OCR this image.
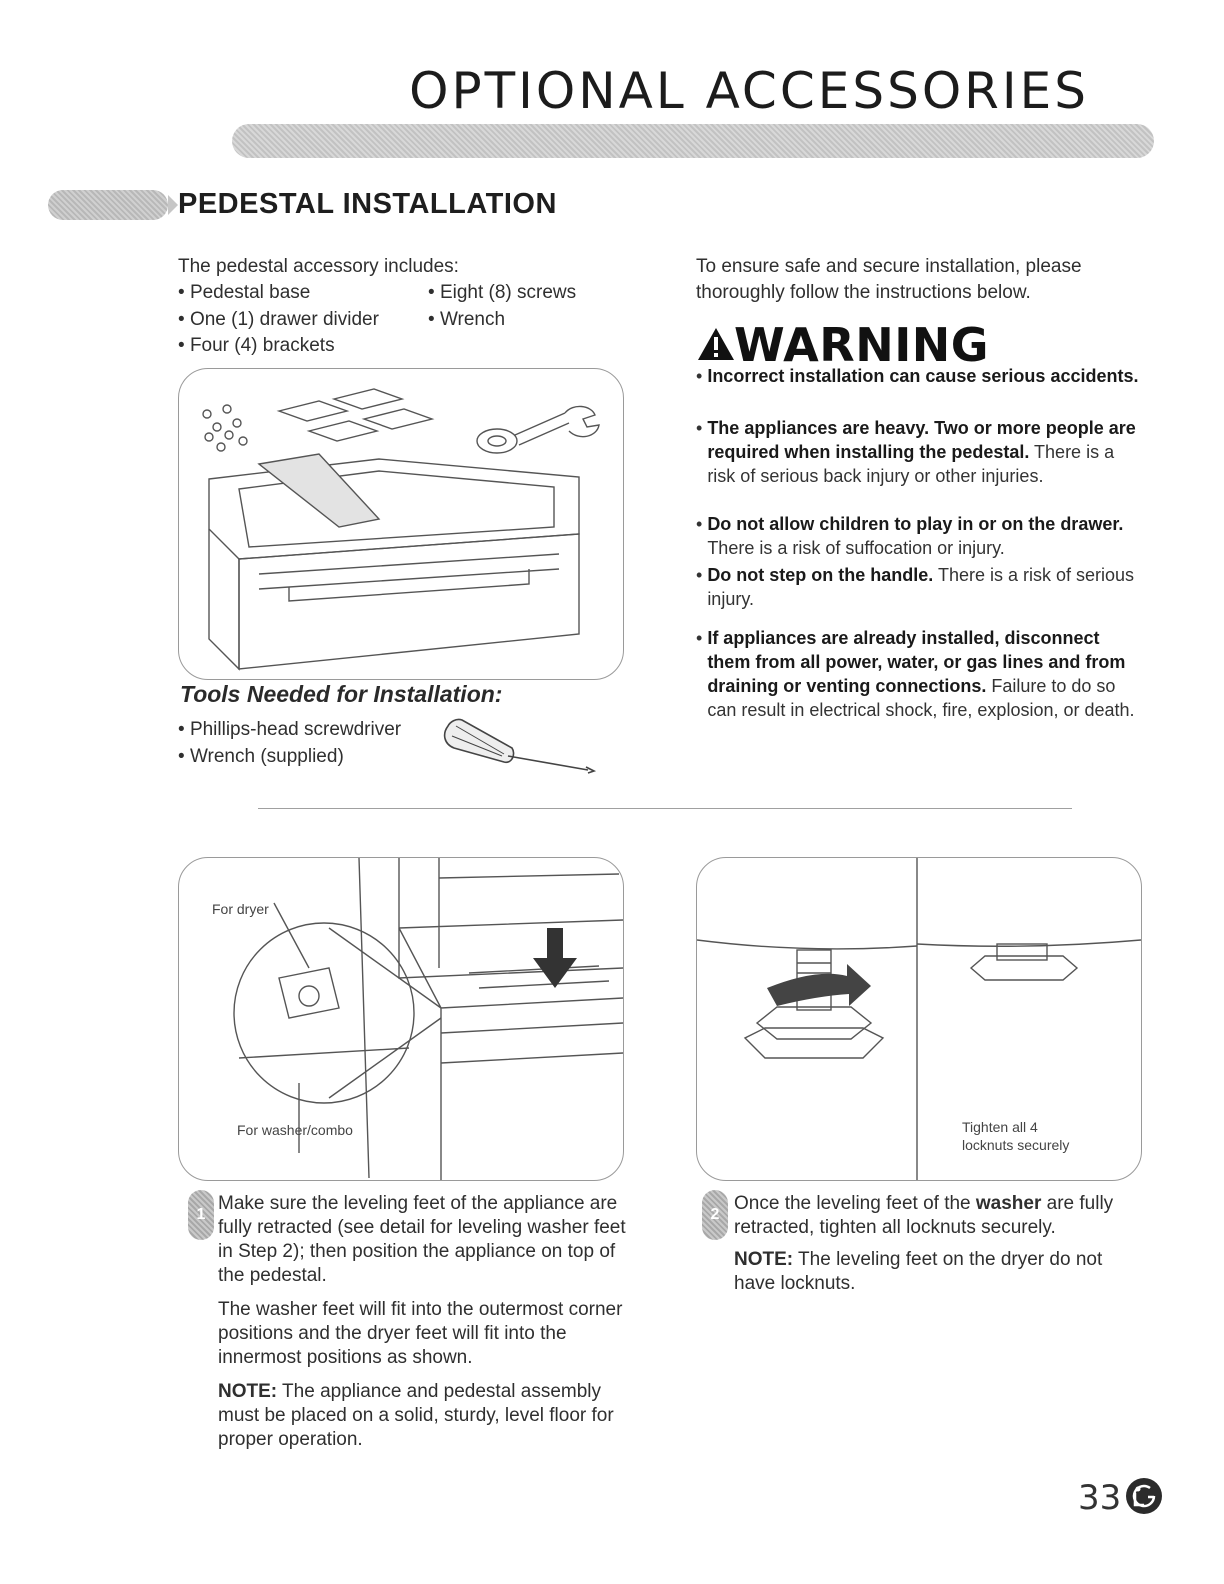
OPTIONAL ACCESSORIES
PEDESTAL INSTALLATION
The pedestal accessory includes:
• Pedestal base
• One (1) drawer divider
• Four (4) brackets
• Eight (8) screws
• Wrench
Tools Needed for Installation:
• Phillips-head screwdriver
• Wrench (supplied)
To ensure safe and secure installation, please thoroughly follow the instructions below.
WARNING
• Incorrect installation can cause serious accidents.
• The appliances are heavy. Two or more people are required when installing the pedestal. There is a risk of serious back injury or other injuries.
• Do not allow children to play in or on the drawer. There is a risk of suffocation or injury.
• Do not step on the handle. There is a risk of serious injury.
• If appliances are already installed, disconnect them from all power, water, or gas lines and from draining or venting connections. Failure to do so can result in electrical shock, fire, explosion, or death.
For dryer
For washer/combo	Tighten all 4 locknuts securely
1
Make sure the leveling feet of the appliance are fully retracted (see detail for leveling washer feet in Step 2); then position the appliance on top of the pedestal.
The washer feet will fit into the outermost corner positions and the dryer feet will fit into the innermost positions as shown.
NOTE: The appliance and pedestal assembly must be placed on a solid, sturdy, level floor for proper operation.
2
Once the leveling feet of the washer are fully retracted, tighten all locknuts securely.
NOTE: The leveling feet on the dryer do not have locknuts.
33
